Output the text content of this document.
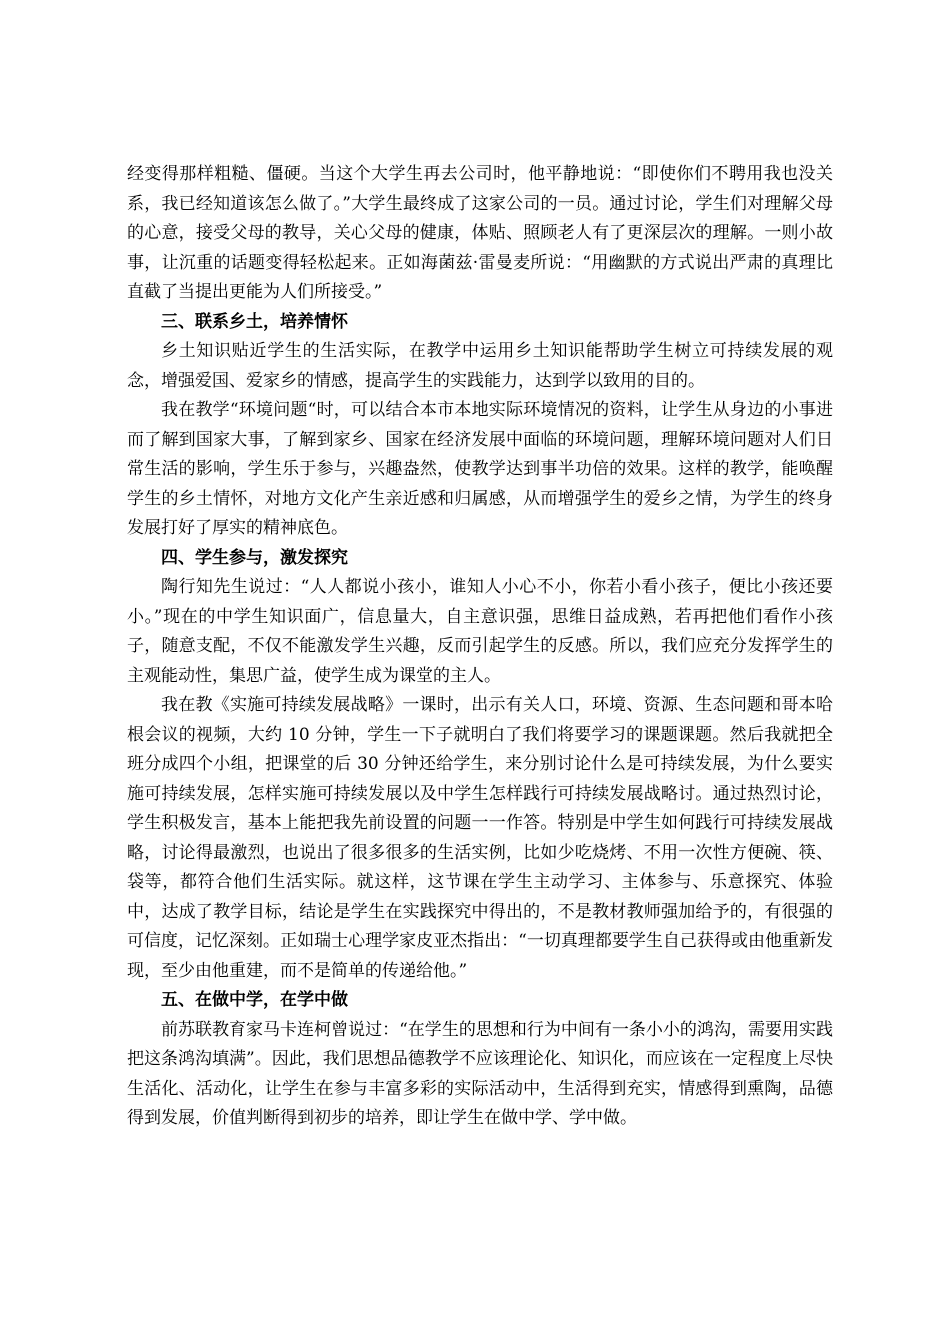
经变得那样粗糙、僵硬。当这个大学生再去公司时，他平静地说：“即使你们不聘用我也没关系，我已经知道该怎么做了。”大学生最终成了这家公司的一员。通过讨论，学生们对理解父母的心意，接受父母的教导，关心父母的健康，体贴、照顾老人有了更深层次的理解。一则小故事，让沉重的话题变得轻松起来。正如海菌兹·雷曼麦所说：“用幽默的方式说出严肃的真理比直截了当提出更能为人们所接受。”

三、联系乡土，培养情怀

乡土知识贴近学生的生活实际，在教学中运用乡土知识能帮助学生树立可持续发展的观念，增强爱国、爱家乡的情感，提高学生的实践能力，达到学以致用的目的。

我在教学“环境问题“时，可以结合本市本地实际环境情况的资料，让学生从身边的小事进而了解到国家大事，了解到家乡、国家在经济发展中面临的环境问题，理解环境问题对人们日常生活的影响，学生乐于参与，兴趣盎然，使教学达到事半功倍的效果。这样的教学，能唤醒学生的乡土情怀，对地方文化产生亲近感和归属感，从而增强学生的爱乡之情，为学生的终身发展打好了厚实的精神底色。

四、学生参与，激发探究

陶行知先生说过：“人人都说小孩小，谁知人小心不小，你若小看小孩子，便比小孩还要小。”现在的中学生知识面广，信息量大，自主意识强，思维日益成熟，若再把他们看作小孩子，随意支配，不仅不能激发学生兴趣，反而引起学生的反感。所以，我们应充分发挥学生的主观能动性，集思广益，使学生成为课堂的主人。

我在教《实施可持续发展战略》一课时，出示有关人口，环境、资源、生态问题和哥本哈根会议的视频，大约 10 分钟，学生一下子就明白了我们将要学习的课题课题。然后我就把全班分成四个小组，把课堂的后 30 分钟还给学生，来分别讨论什么是可持续发展，为什么要实施可持续发展，怎样实施可持续发展以及中学生怎样践行可持续发展战略讨。通过热烈讨论，学生积极发言，基本上能把我先前设置的问题一一作答。特别是中学生如何践行可持续发展战略，讨论得最激烈，也说出了很多很多的生活实例，比如少吃烧烤、不用一次性方便碗、筷、袋等，都符合他们生活实际。就这样，这节课在学生主动学习、主体参与、乐意探究、体验中，达成了教学目标，结论是学生在实践探究中得出的，不是教材教师强加给予的，有很强的可信度，记忆深刻。正如瑞士心理学家皮亚杰指出：“一切真理都要学生自己获得或由他重新发现，至少由他重建，而不是简单的传递给他。”

五、在做中学，在学中做

前苏联教育家马卡连柯曾说过：“在学生的思想和行为中间有一条小小的鸿沟，需要用实践把这条鸿沟填满”。因此，我们思想品德教学不应该理论化、知识化，而应该在一定程度上尽快生活化、活动化，让学生在参与丰富多彩的实际活动中，生活得到充实，情感得到熏陶，品德得到发展，价值判断得到初步的培养，即让学生在做中学、学中做。
